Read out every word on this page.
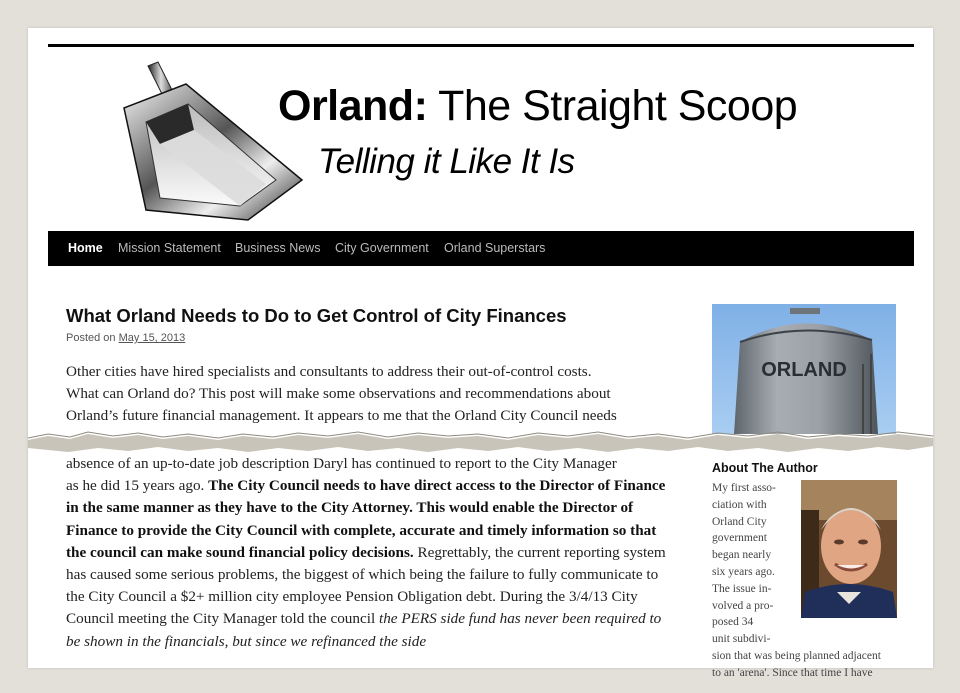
Orland: The Straight Scoop
Telling it Like It Is
Home Mission Statement Business News City Government Orland Superstars
What Orland Needs to Do to Get Control of City Finances
Posted on May 15, 2013

Other cities have hired specialists and consultants to address their out-of-control costs.

What can Orland do? This post will make some observations and recommendations about

Orland’s future financial management. It appears to me that the Orland City Council needs

absence of an up-to-date job description Daryl has continued to report to the City Manager

as he did 15 years ago. The City Council needs to have direct access to the Director of Finance in the same manner as they have to the City Attorney. This would enable the Director of Finance to provide the City Council with complete, accurate and timely information so that the council can make sound financial policy decisions. Regrettably, the current reporting system has caused some serious problems, the biggest of which being the failure to fully communicate to the City Council a $2+ million city employee Pension Obligation debt. During the 3/4/13 City Council meeting the City Manager told the council the PERS side fund has never been required to be shown in the financials, but since we refinanced the side

ORLAND
About The Author
My first asso-
ciation with
Orland City
government
began nearly
six years ago.
The issue in-
volved a pro-
posed 34
unit subdivi-
sion that was being planned adjacent
to an 'arena'. Since that time I have
